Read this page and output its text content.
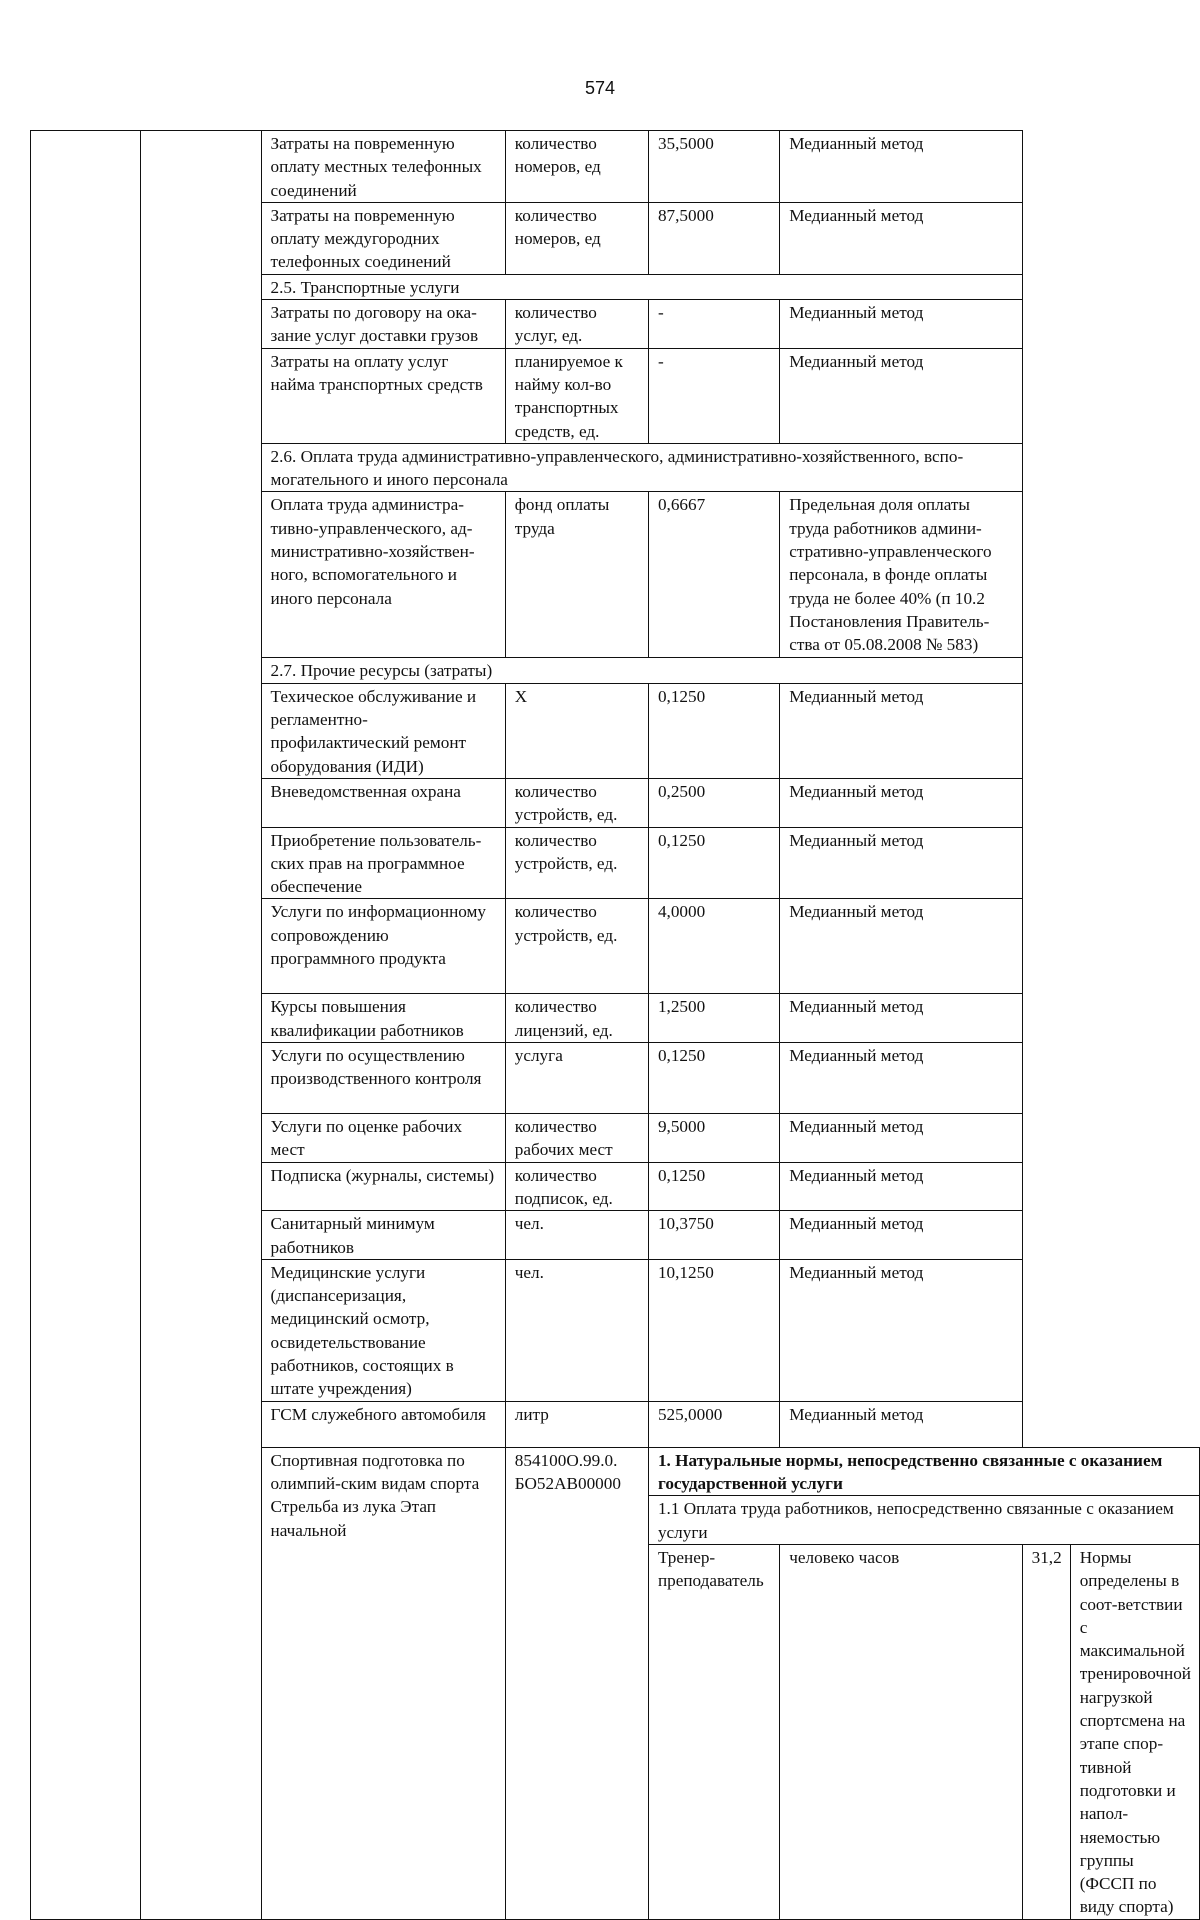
574
		Затраты на повременную оплату местных телефонных соединений	количество номеров, ед	35,5000	Медианный метод		
		Затраты на повременную оплату междугородних телефонных соединений	количество номеров, ед	87,5000	Медианный метод		
		2.5. Транспортные услуги					
		Затраты по договору на ока-зание услуг доставки грузов	количество услуг, ед.	-	Медианный метод		
		Затраты на оплату услуг найма транспортных средств	планируемое к найму кол-во транспортных средств, ед.	-	Медианный метод		
		2.6. Оплата труда административно-управленческого, административно-хозяйственного, вспо-могательного и иного персонала					
		Оплата труда администра-тивно-управленческого, ад-министративно-хозяйствен-ного, вспомогательного и иного персонала	фонд оплаты труда	0,6667	Предельная доля оплаты труда работников админи-стративно-управленческого персонала, в фонде оплаты труда не более 40% (п 10.2 Постановления Правитель-ства от 05.08.2008 № 583)		
		2.7. Прочие ресурсы (затраты)					
		Техическое обслуживание и регламентно-профилактический ремонт оборудования (ИДИ)	Х	0,1250	Медианный метод		
		Вневедомственная охрана	количество устройств, ед.	0,2500	Медианный метод		
		Приобретение пользователь-ских прав на программное обеспечение	количество устройств, ед.	0,1250	Медианный метод		
		Услуги по информационному сопровождению программного продукта	количество устройств, ед.	4,0000	Медианный метод		
		Курсы повышения квалификации работников	количество лицензий, ед.	1,2500	Медианный метод		
		Услуги по осуществлению производственного контроля	услуга	0,1250	Медианный метод		
		Услуги по оценке рабочих мест	количество рабочих мест	9,5000	Медианный метод		
		Подписка (журналы, системы)	количество подписок, ед.	0,1250	Медианный метод		
		Санитарный минимум работников	чел.	10,3750	Медианный метод		
		Медицинские услуги (диспансеризация, медицинский осмотр, освидетельствование работников, состоящих в штате учреждения)	чел.	10,1250	Медианный метод		
		ГСМ служебного автомобиля	литр	525,0000	Медианный метод		
		Спортивная подготовка по олимпий-ским видам спорта Стрельба из лука Этап начальной	854100О.99.0. БО52АВ00000	1. Натуральные нормы, непосредственно связанные с оказанием государственной услуги			
				1.1 Оплата труда работников, непосредственно связанные с оказанием услуги			
				Тренер-преподаватель	человеко часов	31,2	Нормы определены в соот-ветствии с максимальной тренировочной нагрузкой спортсмена на этапе спор-тивной подготовки и напол-няемостью группы (ФССП по виду спорта)
